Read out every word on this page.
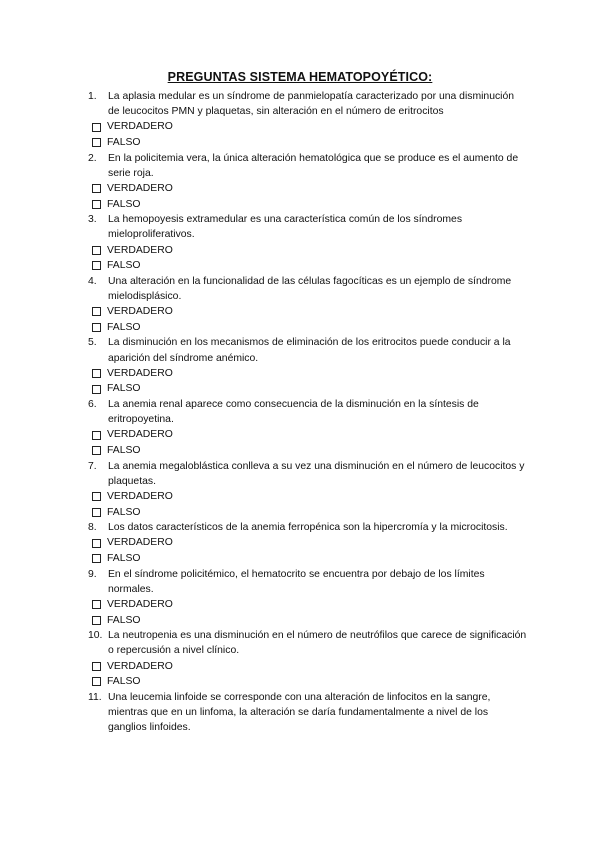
PREGUNTAS SISTEMA HEMATOPOYÉTICO:
1. La aplasia medular es un síndrome de panmielopatía caracterizado por una disminución de leucocitos PMN y plaquetas, sin alteración en el número de eritrocitos
VERDADERO
FALSO
2. En la policitemia vera, la única alteración hematológica que se produce es el aumento de serie roja.
VERDADERO
FALSO
3. La hemopoyesis extramedular es una característica común de los síndromes mieloproliferativos.
VERDADERO
FALSO
4. Una alteración en la funcionalidad de las células fagocíticas es un ejemplo de síndrome mielodisplásico.
VERDADERO
FALSO
5. La disminución en los mecanismos de eliminación de los eritrocitos puede conducir a la aparición del síndrome anémico.
VERDADERO
FALSO
6. La anemia renal aparece como consecuencia de la disminución en la síntesis de eritropoyetina.
VERDADERO
FALSO
7. La anemia megaloblástica conlleva a su vez una disminución en el número de leucocitos y plaquetas.
VERDADERO
FALSO
8. Los datos característicos de la anemia ferropénica son la hipercromía y la microcitosis.
VERDADERO
FALSO
9. En el síndrome policitémico, el hematocrito se encuentra por debajo de los límites normales.
VERDADERO
FALSO
10. La neutropenia es una disminución en el número de neutrófilos que carece de significación o repercusión a nivel clínico.
VERDADERO
FALSO
11. Una leucemia linfoide se corresponde con una alteración de linfocitos en la sangre, mientras que en un linfoma, la alteración se daría fundamentalmente a nivel de los ganglios linfoides.
